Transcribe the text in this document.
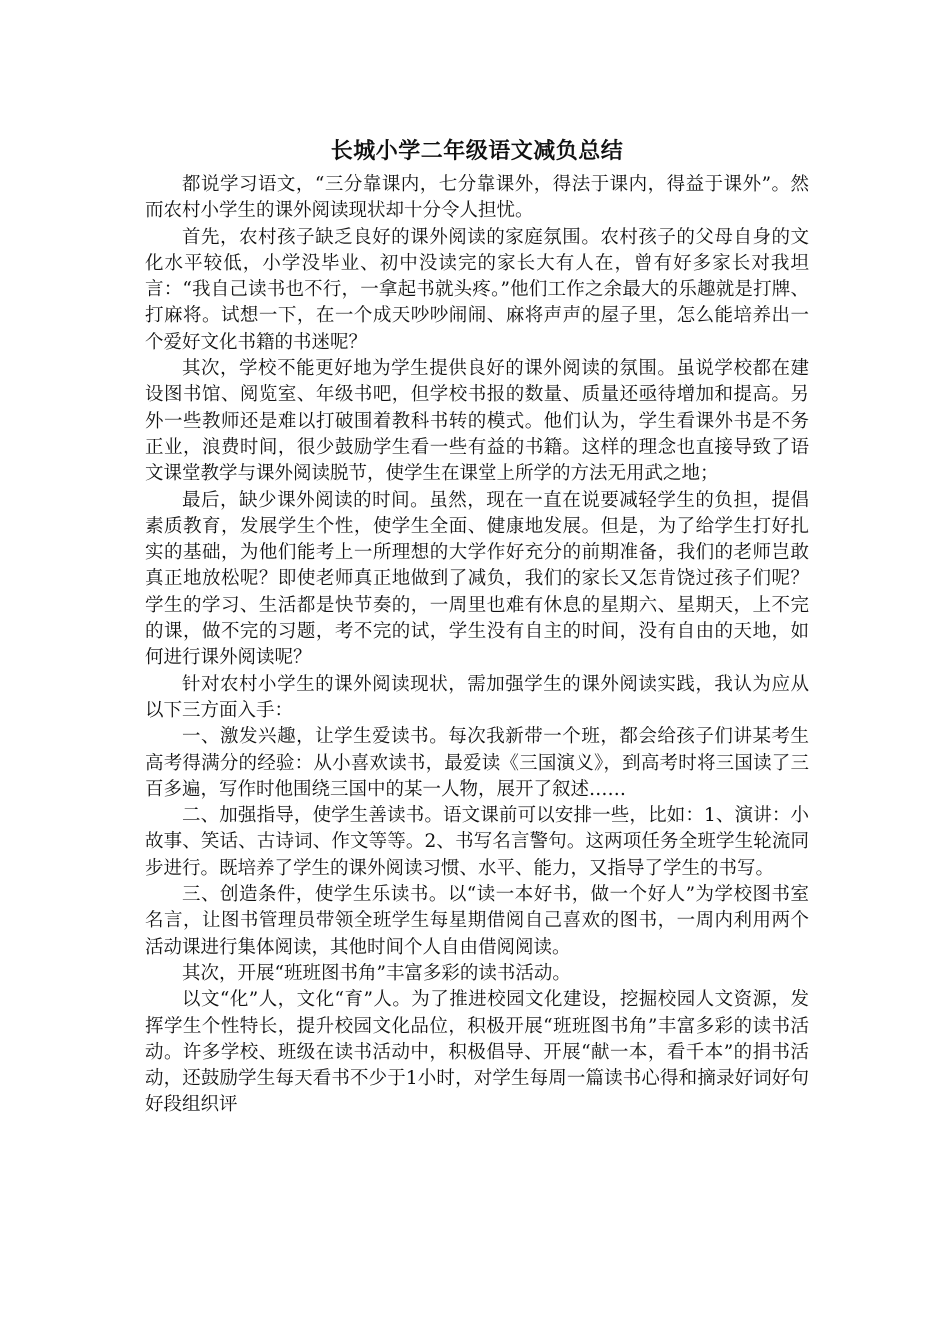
长城小学二年级语文减负总结

都说学习语文，“三分靠课内，七分靠课外，得法于课内，得益于课外”。然而农村小学生的课外阅读现状却十分令人担忧。

首先，农村孩子缺乏良好的课外阅读的家庭氛围。农村孩子的父母自身的文化水平较低，小学没毕业、初中没读完的家长大有人在，曾有好多家长对我坦言：“我自己读书也不行，一拿起书就头疼。”他们工作之余最大的乐趣就是打牌、打麻将。试想一下，在一个成天吵吵闹闹、麻将声声的屋子里，怎么能培养出一个爱好文化书籍的书迷呢？

其次，学校不能更好地为学生提供良好的课外阅读的氛围。虽说学校都在建设图书馆、阅览室、年级书吧，但学校书报的数量、质量还亟待增加和提高。另外一些教师还是难以打破围着教科书转的模式。他们认为，学生看课外书是不务正业，浪费时间，很少鼓励学生看一些有益的书籍。这样的理念也直接导致了语文课堂教学与课外阅读脱节，使学生在课堂上所学的方法无用武之地；

最后，缺少课外阅读的时间。虽然，现在一直在说要减轻学生的负担，提倡素质教育，发展学生个性，使学生全面、健康地发展。但是，为了给学生打好扎实的基础，为他们能考上一所理想的大学作好充分的前期准备，我们的老师岂敢真正地放松呢？即使老师真正地做到了减负，我们的家长又怎肯饶过孩子们呢？学生的学习、生活都是快节奏的，一周里也难有休息的星期六、星期天，上不完的课，做不完的习题，考不完的试，学生没有自主的时间，没有自由的天地，如何进行课外阅读呢？

针对农村小学生的课外阅读现状，需加强学生的课外阅读实践，我认为应从以下三方面入手：

一、激发兴趣，让学生爱读书。每次我新带一个班，都会给孩子们讲某考生高考得满分的经验：从小喜欢读书，最爱读《三国演义》，到高考时将三国读了三百多遍，写作时他围绕三国中的某一人物，展开了叙述……

二、加强指导，使学生善读书。语文课前可以安排一些，比如：1、演讲：小故事、笑话、古诗词、作文等等。2、书写名言警句。这两项任务全班学生轮流同步进行。既培养了学生的课外阅读习惯、水平、能力，又指导了学生的书写。

三、创造条件，使学生乐读书。以“读一本好书，做一个好人”为学校图书室名言，让图书管理员带领全班学生每星期借阅自己喜欢的图书，一周内利用两个活动课进行集体阅读，其他时间个人自由借阅阅读。

其次，开展“班班图书角”丰富多彩的读书活动。

以文“化”人，文化“育”人。为了推进校园文化建设，挖掘校园人文资源，发挥学生个性特长，提升校园文化品位，积极开展“班班图书角”丰富多彩的读书活动。许多学校、班级在读书活动中，积极倡导、开展“献一本，看千本”的捐书活动，还鼓励学生每天看书不少于1小时，对学生每周一篇读书心得和摘录好词好句好段组织评
